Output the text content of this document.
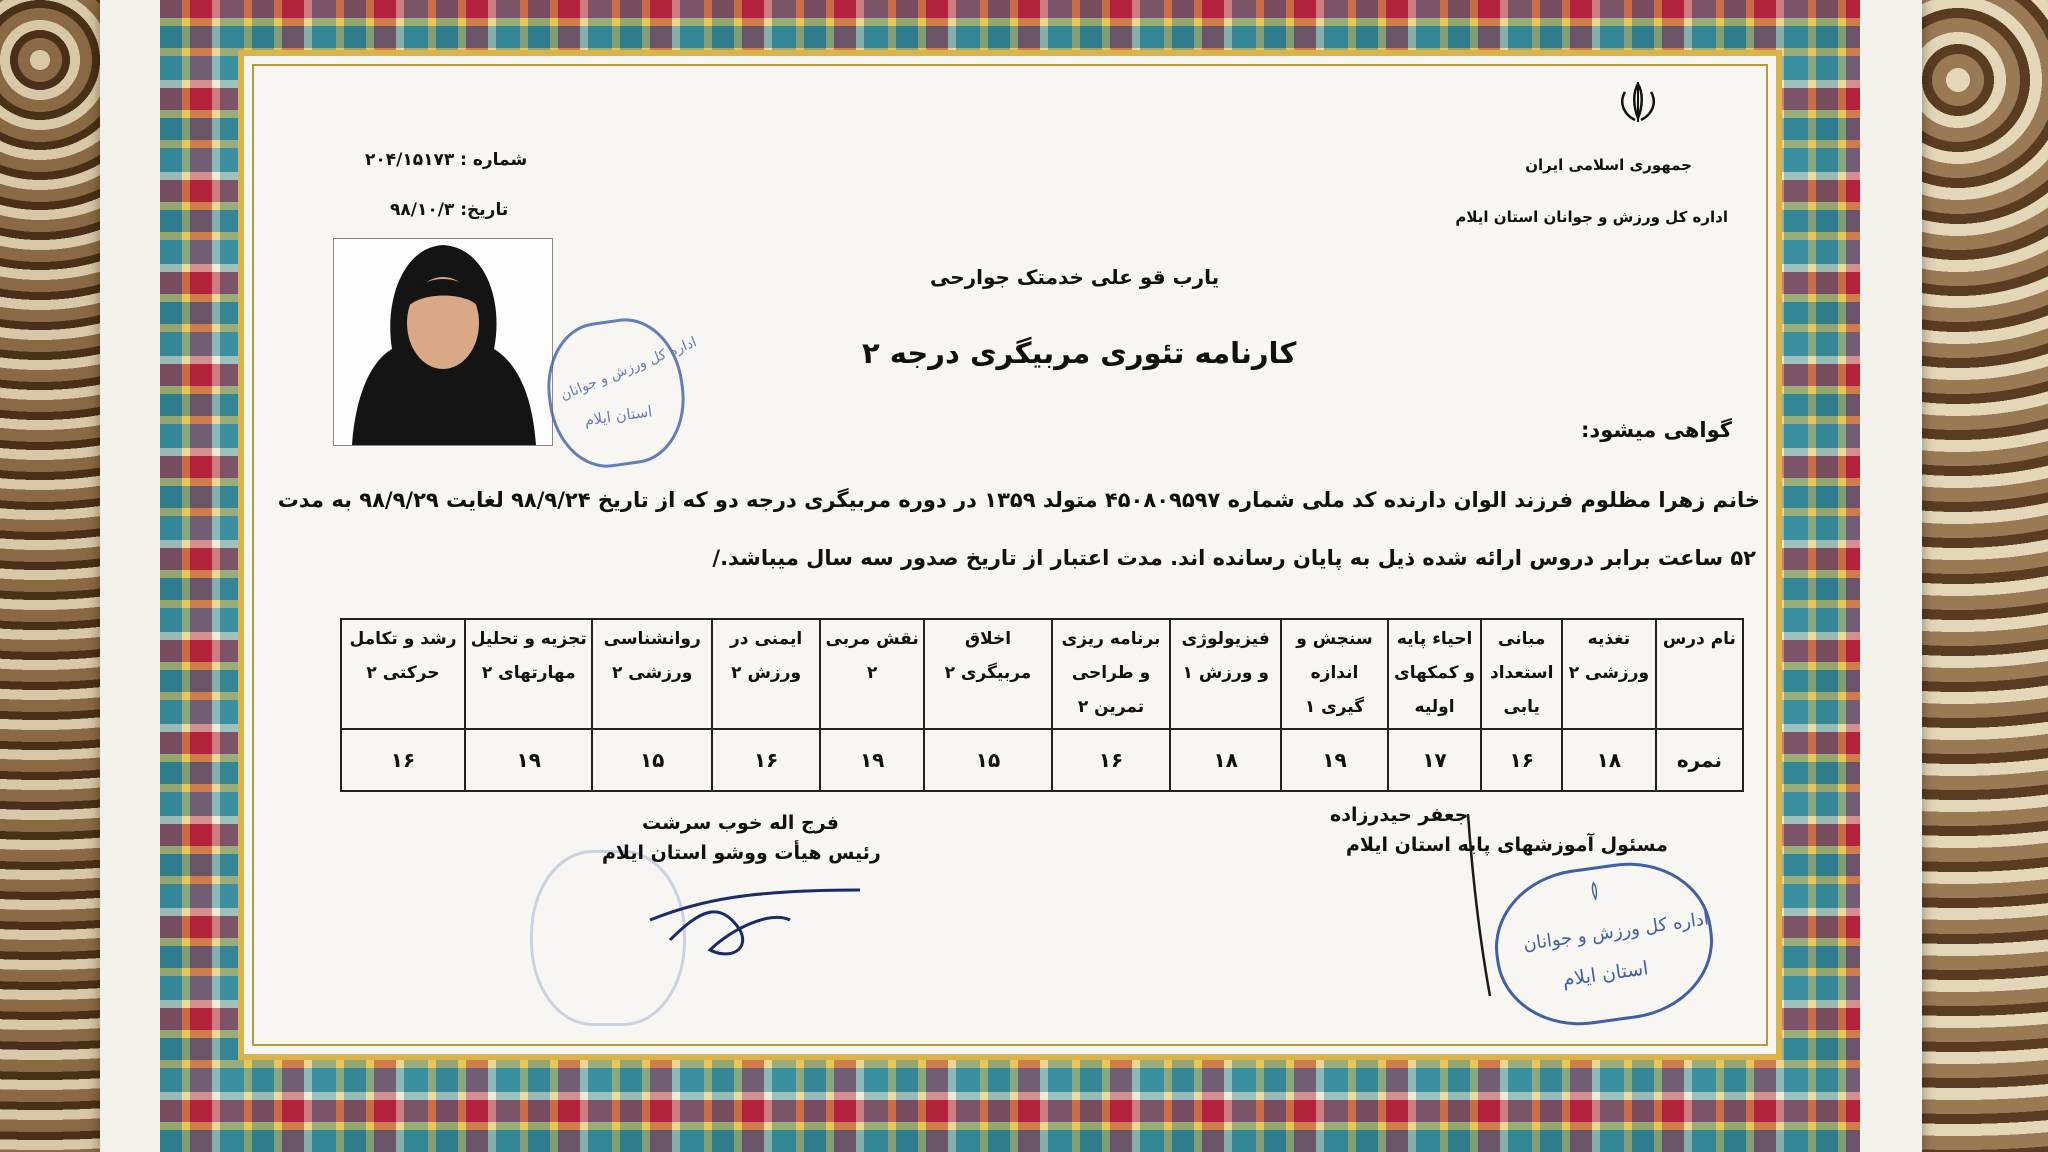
جمهوری اسلامی ایران
اداره کل ورزش و جوانان استان ایلام
شماره : ۲۰۴/۱۵۱۷۳
تاریخ: ۹۸/۱۰/۳
یارب قو علی خدمتک جوارحی
کارنامه تئوری مربیگری درجه ۲
گواهی میشود:
خانم زهرا مظلوم فرزند الوان دارنده کد ملی شماره ۴۵۰۸۰۹۵۹۷ متولد ۱۳۵۹ در دوره مربیگری درجه دو که از تاریخ ۹۸/۹/۲۴ لغایت ۹۸/۹/۲۹ به مدت
۵۲ ساعت برابر دروس ارائه شده ذیل به پایان رسانده اند. مدت اعتبار از تاریخ صدور سه سال میباشد./
اداره کل ورزش و جوانان
استان ایلام
اداره کل ورزش و جوانان
استان ایلام
نام درس	تغذیه ورزشی ۲	مبانی استعداد یابی	احیاء پایه و کمکهای اولیه	سنجش و اندازه گیری ۱	فیزیولوژی و ورزش ۱	برنامه ریزی و طراحی تمرین ۲	اخلاق مربیگری ۲	نقش مربی ۲	ایمنی در ورزش ۲	روانشناسی ورزشی ۲	تجزیه و تحلیل مهارتهای ۲	رشد و تکامل حرکتی ۲
نمره	۱۸	۱۶	۱۷	۱۹	۱۸	۱۶	۱۵	۱۹	۱۶	۱۵	۱۹	۱۶
جعفر حیدرزاده
مسئول آموزشهای پایه استان ایلام
فرج اله خوب سرشت
رئیس هیأت ووشو استان ایلام
